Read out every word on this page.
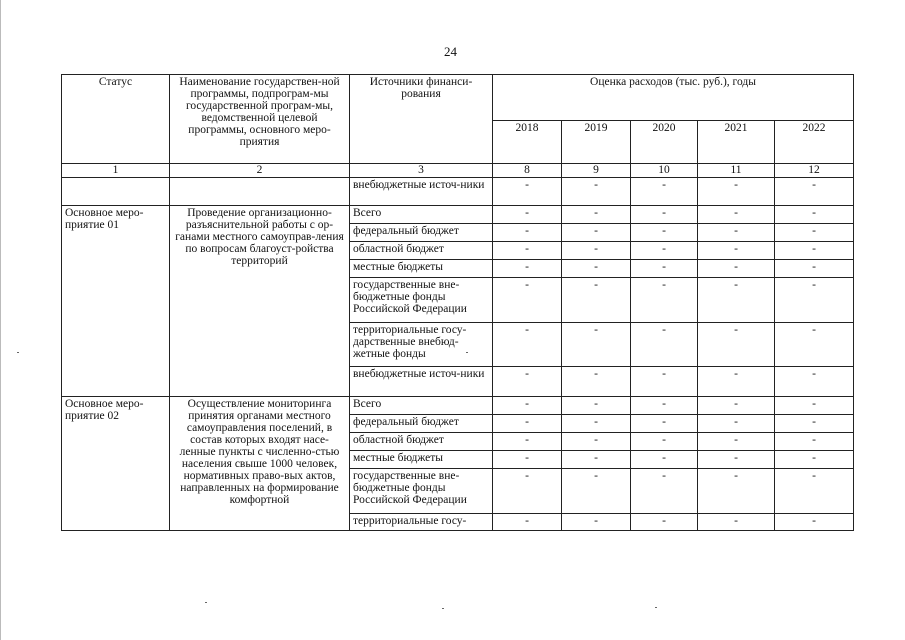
24
Статус	Наименование государствен-ной программы, подпрограм-мы государственной програм-мы, ведомственной целевой программы, основного меро-приятия	Источники финанси-рования	Оценка расходов (тыс. руб.), годы				
			2018	2019	2020	2021	2022
1	2	3	8	9	10	11	12
		внебюджетные источ-ники	-	-	-	-	-
Основное меро-приятие 01	Проведение организационно-разъяснительной работы с ор-ганами местного самоуправ-ления по вопросам благоуст-ройства территорий	Всего	-	-	-	-	-
		федеральный бюджет	-	-	-	-	-
		областной бюджет	-	-	-	-	-
		местные бюджеты	-	-	-	-	-
		государственные вне-бюджетные фонды Российской Федерации	-	-	-	-	-
		территориальные госу-дарственные внебюд-жетные фонды	-	-	-	-	-
		внебюджетные источ-ники	-	-	-	-	-
Основное меро-приятие 02	Осуществление мониторинга принятия органами местного самоуправления поселений, в состав которых входят насе-ленные пункты с численно-стью населения свыше 1000 человек, нормативных право-вых актов, направленных на формирование комфортной	Всего	-	-	-	-	-
		федеральный бюджет	-	-	-	-	-
		областной бюджет	-	-	-	-	-
		местные бюджеты	-	-	-	-	-
		государственные вне-бюджетные фонды Российской Федерации	-	-	-	-	-
		территориальные госу-	-	-	-	-	-
